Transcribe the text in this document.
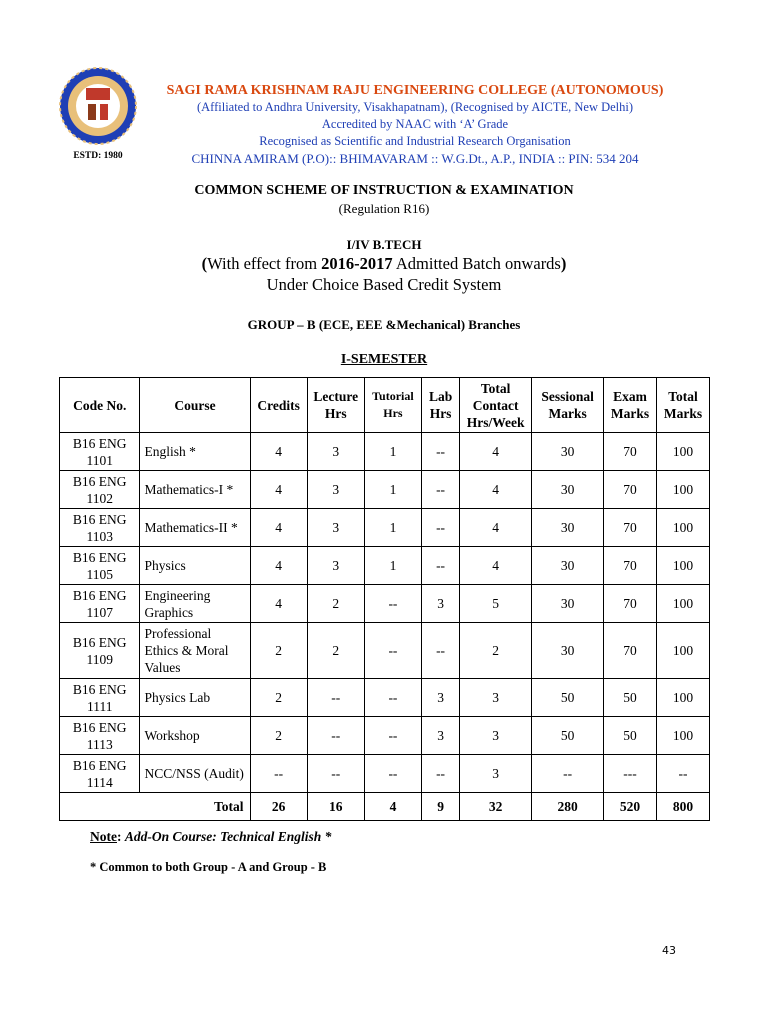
ESTD: 1980
SAGI RAMA KRISHNAM RAJU ENGINEERING COLLEGE (AUTONOMOUS)
(Affiliated to Andhra University, Visakhapatnam), (Recognised by AICTE, New Delhi)
Accredited by NAAC with ‘A’ Grade
Recognised as Scientific and Industrial Research Organisation
CHINNA AMIRAM (P.O):: BHIMAVARAM :: W.G.Dt., A.P., INDIA :: PIN: 534 204
COMMON SCHEME OF INSTRUCTION & EXAMINATION
(Regulation R16)
I/IV B.TECH
(With effect from 2016-2017 Admitted Batch onwards)
Under Choice Based Credit System
GROUP – B (ECE, EEE &Mechanical) Branches
I-SEMESTER
Code No.	Course	Credits	Lecture Hrs	Tutorial Hrs	Lab Hrs	Total Contact Hrs/Week	Sessional Marks	Exam Marks	Total Marks
B16 ENG 1101	English *	4	3	1	--	4	30	70	100
B16 ENG 1102	Mathematics-I *	4	3	1	--	4	30	70	100
B16 ENG 1103	Mathematics-II *	4	3	1	--	4	30	70	100
B16 ENG 1105	Physics	4	3	1	--	4	30	70	100
B16 ENG 1107	Engineering Graphics	4	2	--	3	5	30	70	100
B16 ENG 1109	Professional Ethics & Moral Values	2	2	--	--	2	30	70	100
B16 ENG 1111	Physics Lab	2	--	--	3	3	50	50	100
B16 ENG 1113	Workshop	2	--	--	3	3	50	50	100
B16 ENG 1114	NCC/NSS (Audit)	--	--	--	--	3	--	---	--
Total		26	16	4	9	32	280	520	800
Note: Add-On Course: Technical English *
* Common to both Group - A and Group - B
43
